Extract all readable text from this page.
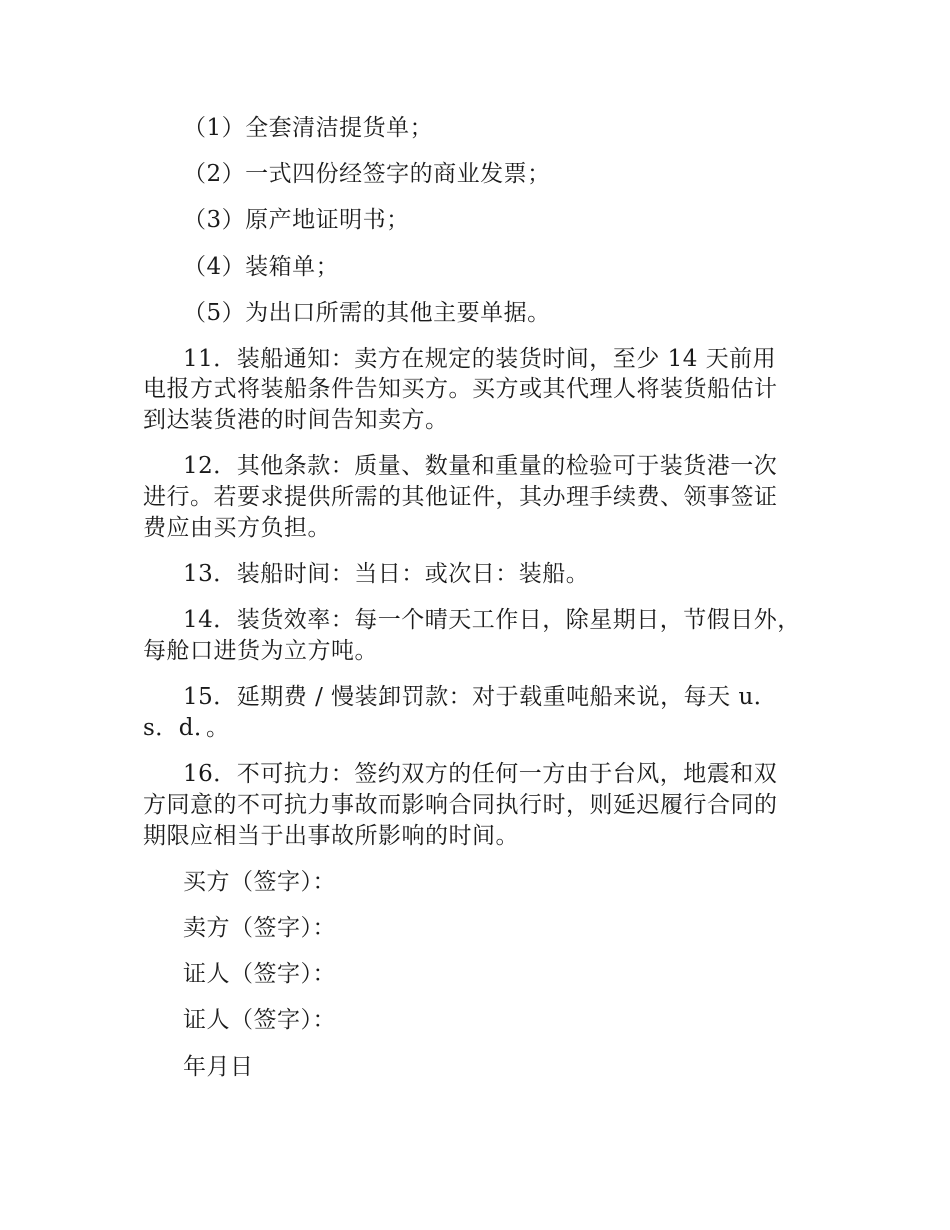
（1）全套清洁提货单；
（2）一式四份经签字的商业发票；
（3）原产地证明书；
（4）装箱单；
（5）为出口所需的其他主要单据。
11．装船通知：卖方在规定的装货时间，至少 14 天前用
电报方式将装船条件告知买方。买方或其代理人将装货船估计
到达装货港的时间告知卖方。
12．其他条款：质量、数量和重量的检验可于装货港一次
进行。若要求提供所需的其他证件，其办理手续费、领事签证
费应由买方负担。
13．装船时间：当日：或次日：装船。
14．装货效率：每一个晴天工作日，除星期日，节假日外，
每舱口进货为立方吨。
15．延期费 / 慢装卸罚款：对于载重吨船来说，每天 u．
s．d．。
16．不可抗力：签约双方的任何一方由于台风，地震和双
方同意的不可抗力事故而影响合同执行时，则延迟履行合同的
期限应相当于出事故所影响的时间。
买方（签字）：
卖方（签字）：
证人（签字）：
证人（签字）：
年月日
